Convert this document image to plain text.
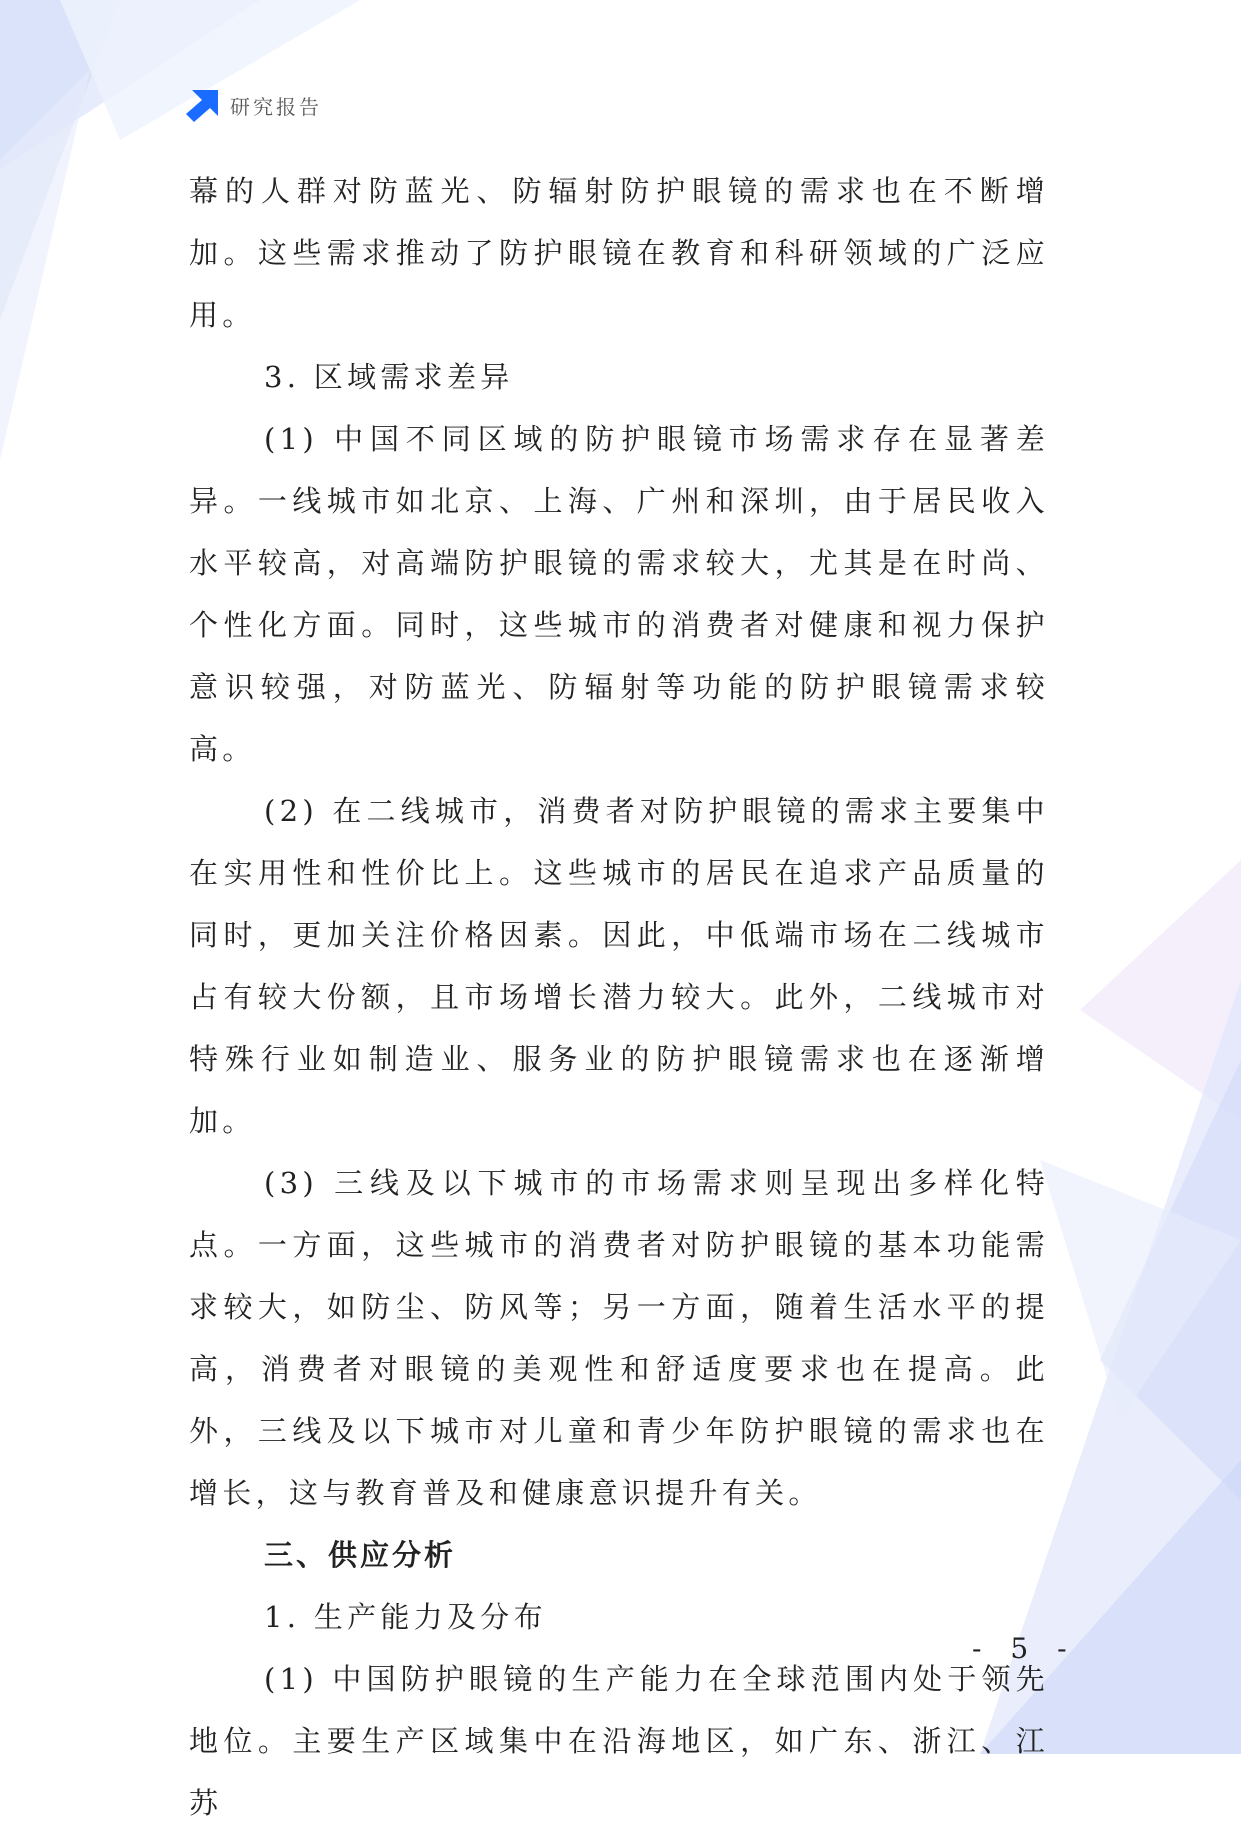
研究报告

幕的人群对防蓝光、防辐射防护眼镜的需求也在不断增加。这些需求推动了防护眼镜在教育和科研领域的广泛应用。

3. 区域需求差异

(1) 中国不同区域的防护眼镜市场需求存在显著差异。一线城市如北京、上海、广州和深圳，由于居民收入水平较高，对高端防护眼镜的需求较大，尤其是在时尚、个性化方面。同时，这些城市的消费者对健康和视力保护意识较强，对防蓝光、防辐射等功能的防护眼镜需求较高。

(2) 在二线城市，消费者对防护眼镜的需求主要集中在实用性和性价比上。这些城市的居民在追求产品质量的同时，更加关注价格因素。因此，中低端市场在二线城市占有较大份额，且市场增长潜力较大。此外，二线城市对特殊行业如制造业、服务业的防护眼镜需求也在逐渐增加。

(3) 三线及以下城市的市场需求则呈现出多样化特点。一方面，这些城市的消费者对防护眼镜的基本功能需求较大，如防尘、防风等；另一方面，随着生活水平的提高，消费者对眼镜的美观性和舒适度要求也在提高。此外，三线及以下城市对儿童和青少年防护眼镜的需求也在增长，这与教育普及和健康意识提升有关。

三、供应分析

1. 生产能力及分布

(1) 中国防护眼镜的生产能力在全球范围内处于领先地位。主要生产区域集中在沿海地区，如广东、浙江、江苏

- 5 -
